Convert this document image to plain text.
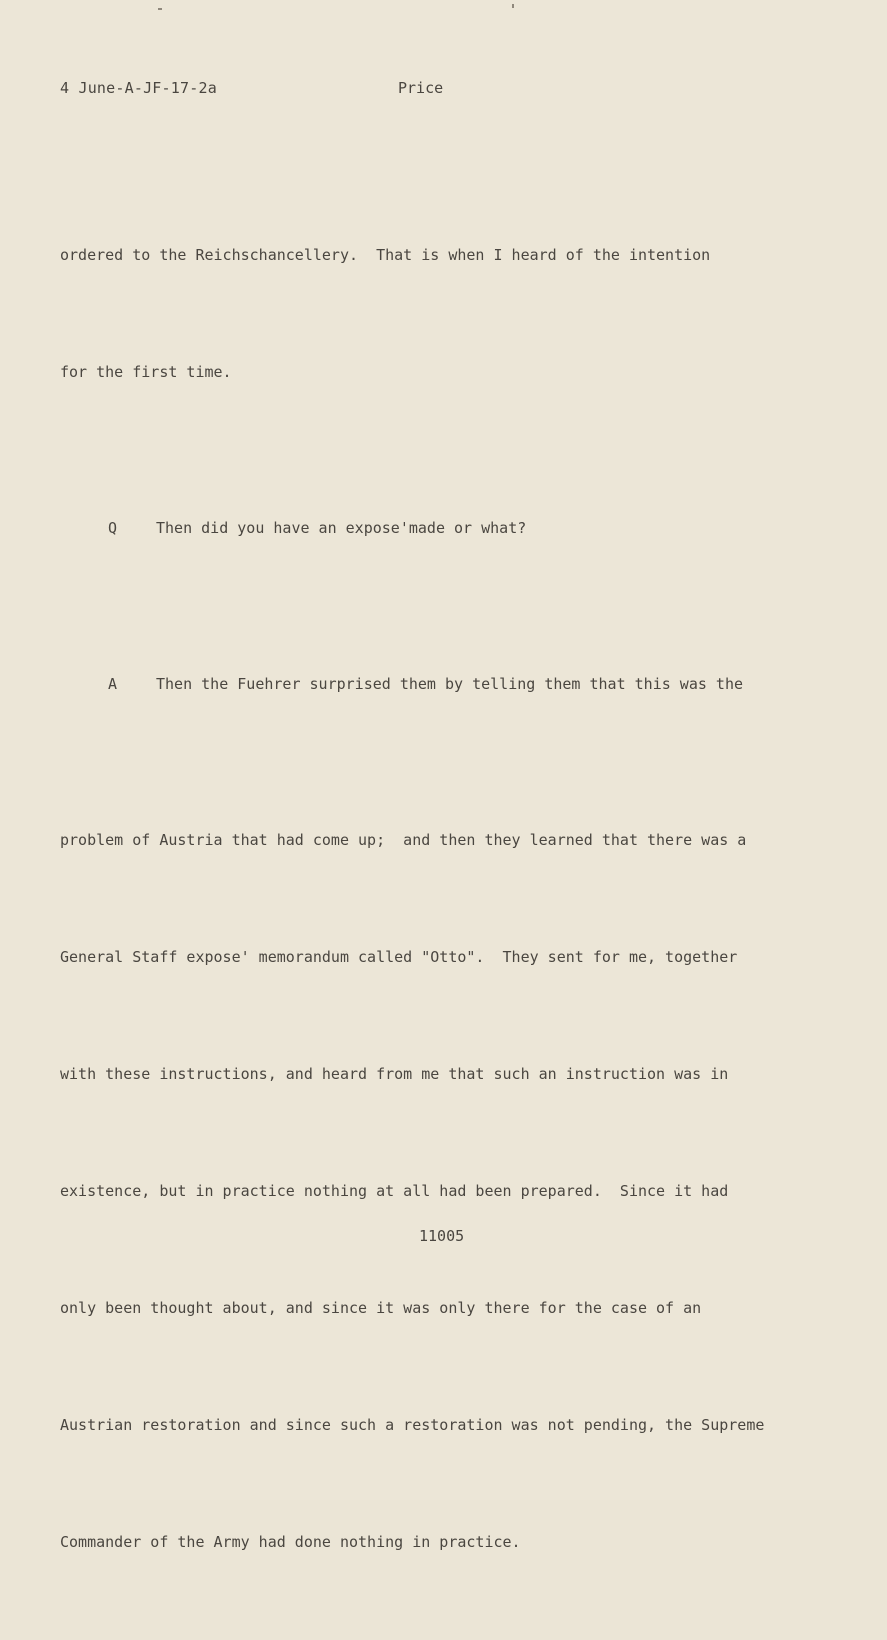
4 June-A-JF-17-2a	Price

ordered to the Reichschancellery.  That is when I heard of the intention

for the first time.

Q	Then did you have an expose'made or what?

A	Then the Fuehrer surprised them by telling them that this was the

problem of Austria that had come up;  and then they learned that there was a

General Staff expose' memorandum called "Otto".  They sent for me, together

with these instructions, and heard from me that such an instruction was in

existence, but in practice nothing at all had been prepared.  Since it had

only been thought about, and since it was only there for the case of an

Austrian restoration and since such a restoration was not pending, the Supreme

Commander of the Army had done nothing in practice.

11005
